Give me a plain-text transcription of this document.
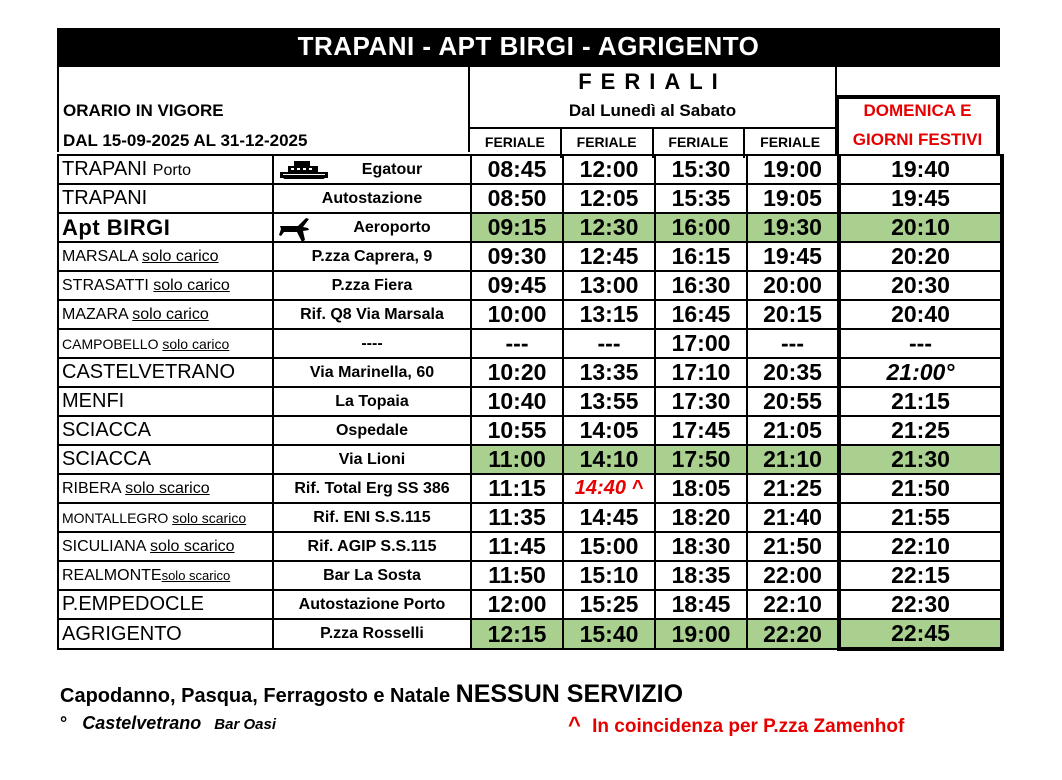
TRAPANI - APT BIRGI - AGRIGENTO
ORARIO IN VIGORE
DAL 15-09-2025 AL 31-12-2025
FERIALI
Dal Lunedì al Sabato
FERIALE	FERIALE	FERIALE	FERIALE
DOMENICA E
GIORNI FESTIVI
TRAPANI Porto	Egatour	08:45	12:00	15:30	19:00	19:40
TRAPANI	Autostazione	08:50	12:05	15:35	19:05	19:45
Apt BIRGI	Aeroporto	09:15	12:30	16:00	19:30	20:10
MARSALA solo carico	P.zza Caprera, 9	09:30	12:45	16:15	19:45	20:20
STRASATTI solo carico	P.zza Fiera	09:45	13:00	16:30	20:00	20:30
MAZARA solo carico	Rif. Q8 Via Marsala	10:00	13:15	16:45	20:15	20:40
CAMPOBELLO solo carico	----	---	---	17:00	---	---
CASTELVETRANO	Via Marinella, 60	10:20	13:35	17:10	20:35	21:00°
MENFI	La Topaia	10:40	13:55	17:30	20:55	21:15
SCIACCA	Ospedale	10:55	14:05	17:45	21:05	21:25
SCIACCA	Via Lioni	11:00	14:10	17:50	21:10	21:30
RIBERA solo scarico	Rif. Total Erg SS 386	11:15	14:40 ^	18:05	21:25	21:50
MONTALLEGRO solo scarico	Rif. ENI S.S.115	11:35	14:45	18:20	21:40	21:55
SICULIANA solo scarico	Rif. AGIP S.S.115	11:45	15:00	18:30	21:50	22:10
REALMONTEsolo scarico	Bar La Sosta	11:50	15:10	18:35	22:00	22:15
P.EMPEDOCLE	Autostazione Porto	12:00	15:25	18:45	22:10	22:30
AGRIGENTO	P.zza Rosselli	12:15	15:40	19:00	22:20	22:45
Capodanno, Pasqua, Ferragosto e Natale NESSUN SERVIZIO
° Castelvetrano Bar Oasi	^ In coincidenza per P.zza Zamenhof
